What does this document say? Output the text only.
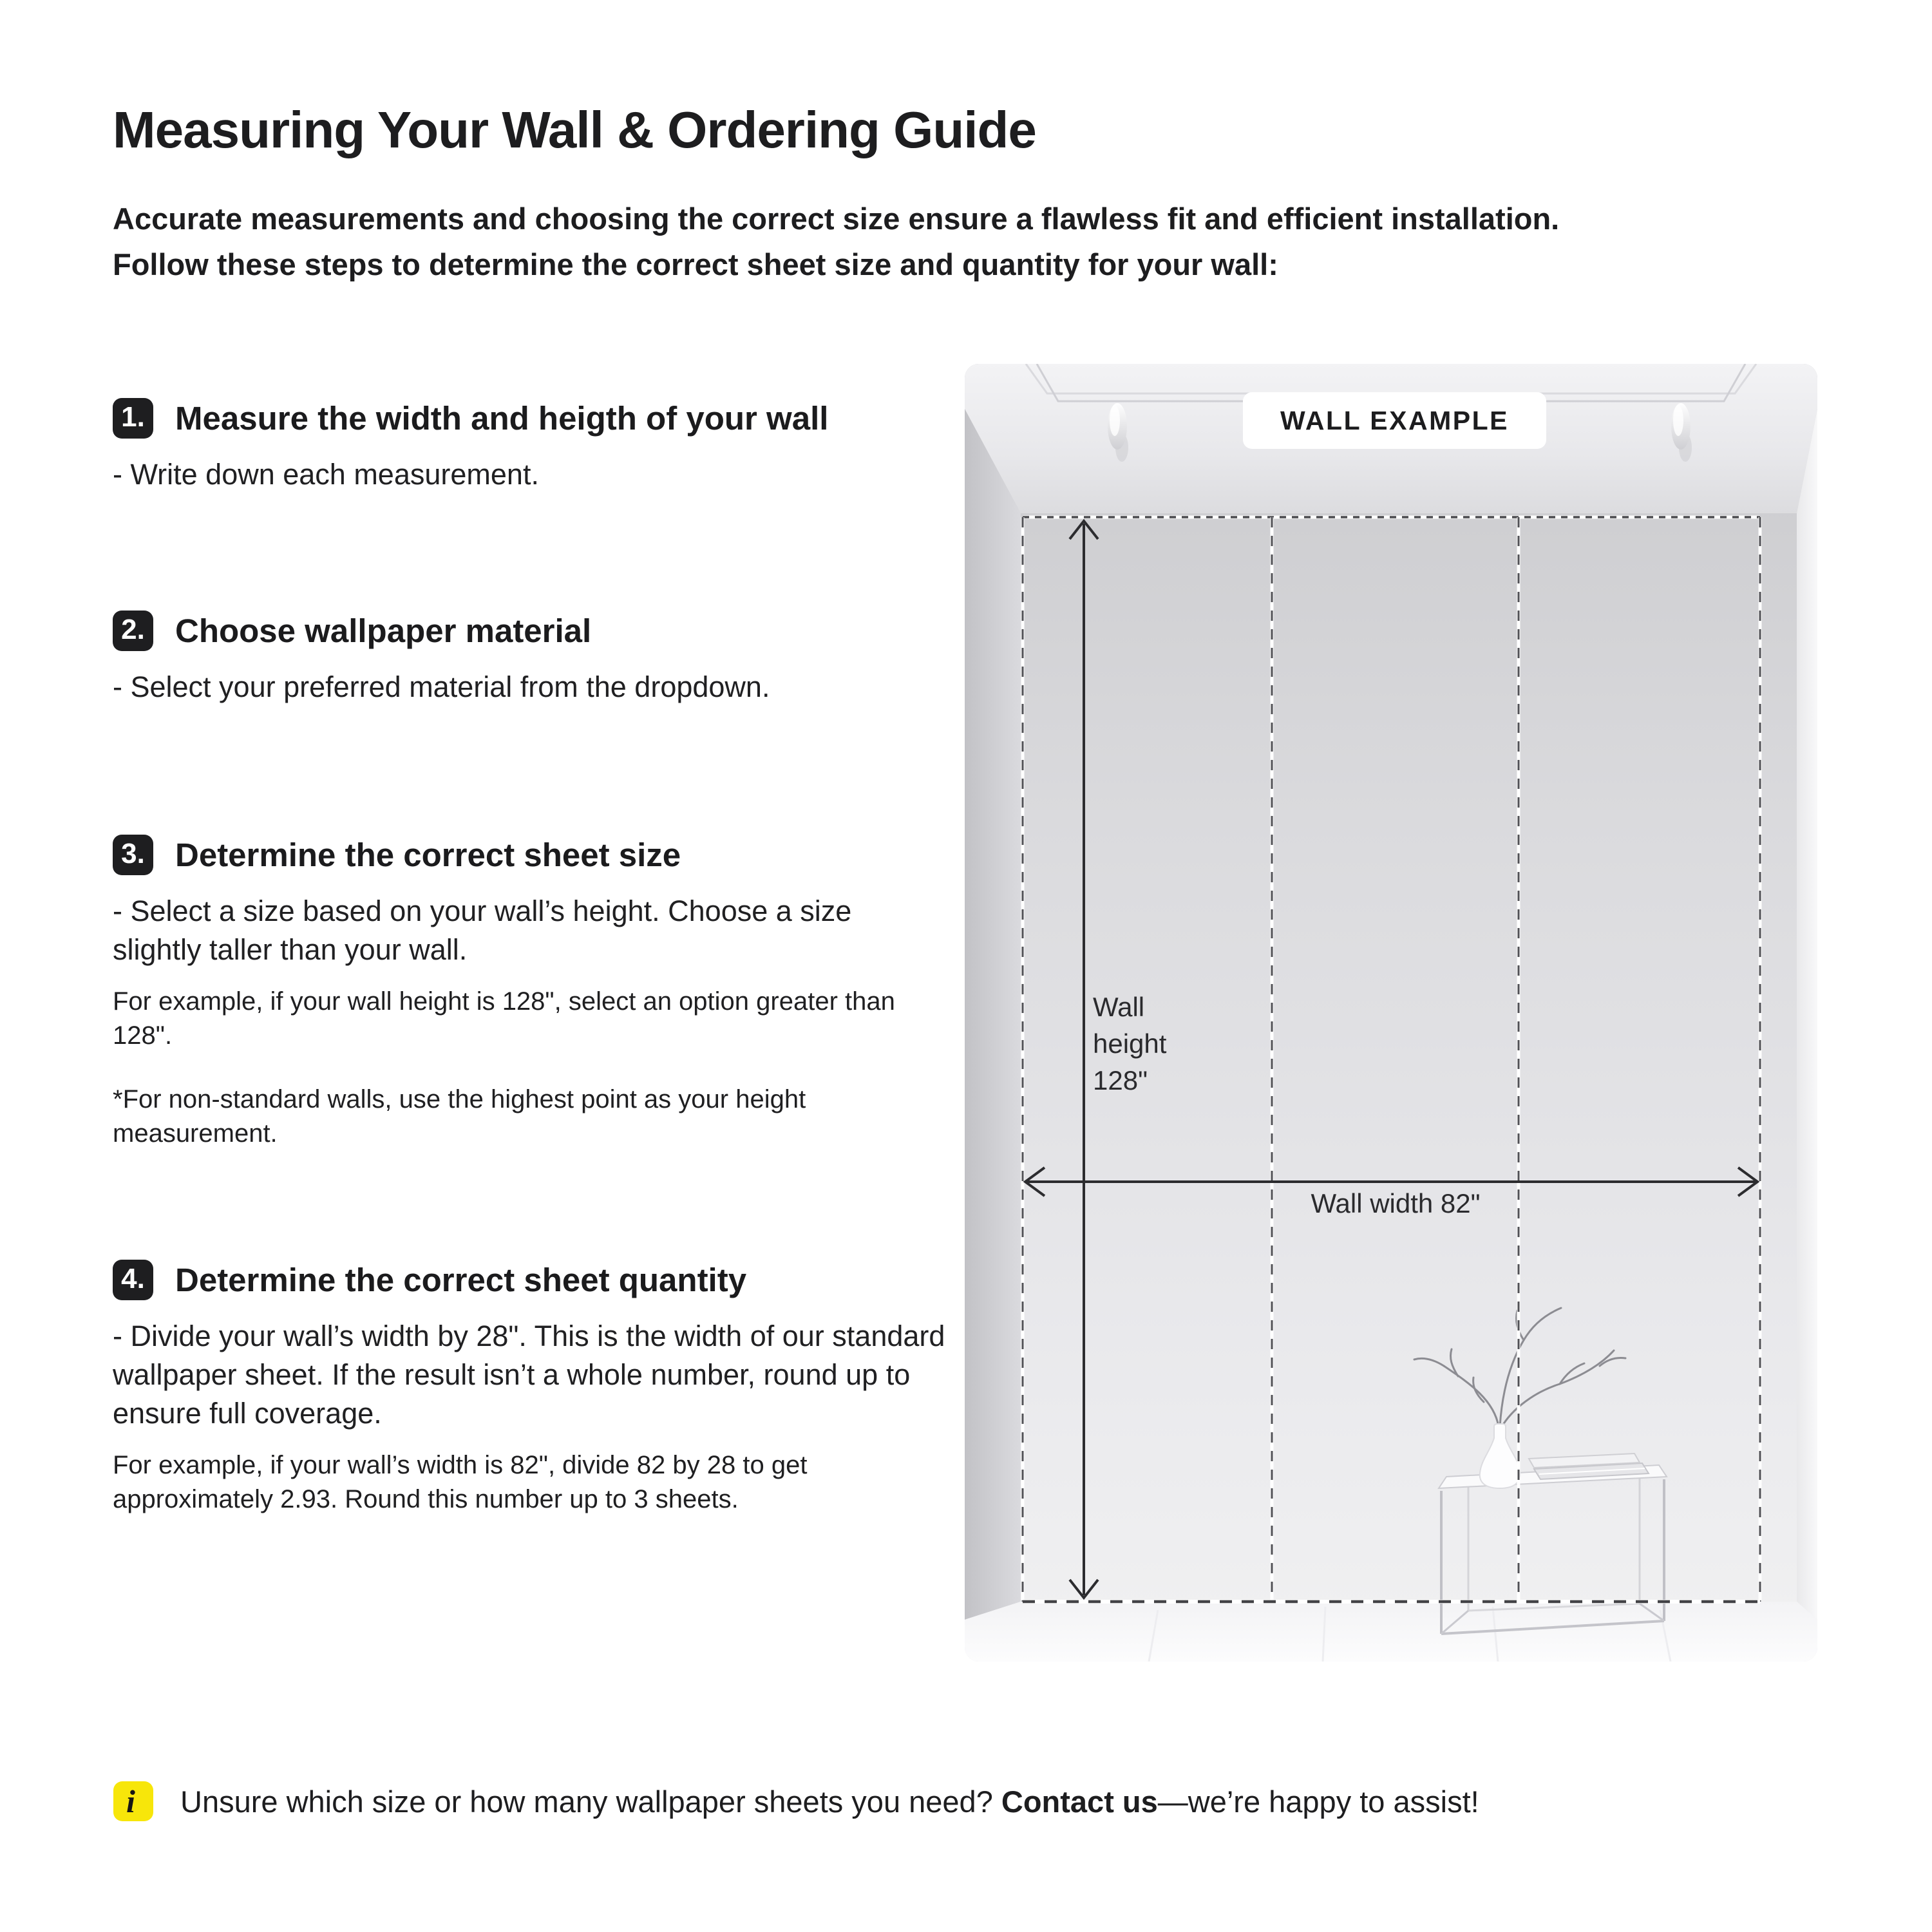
Measuring Your Wall & Ordering Guide
Accurate measurements and choosing the correct size ensure a flawless fit and efficient installation.
Follow these steps to determine the correct sheet size and quantity for your wall:
1. Measure the width and heigth of your wall

- Write down each measurement.

2. Choose wallpaper material

- Select your preferred material from the dropdown.

3. Determine the correct sheet size

- Select a size based on your wall’s height. Choose a size slightly taller than your wall.

For example, if your wall height is 128", select an option greater than 128".

*For non-standard walls, use the highest point as your height measurement.

4. Determine the correct sheet quantity

- Divide your wall’s width by 28". This is the width of our standard wallpaper sheet. If the result isn’t a whole number, round up to ensure full coverage.

For example, if your wall’s width is 82", divide 82 by 28 to get approximately 2.93. Round this number up to 3 sheets.

WALL EXAMPLE
Wall
height
128"
Wall width 82"
i	Unsure which size or how many wallpaper sheets you need? Contact us—we’re happy to assist!
